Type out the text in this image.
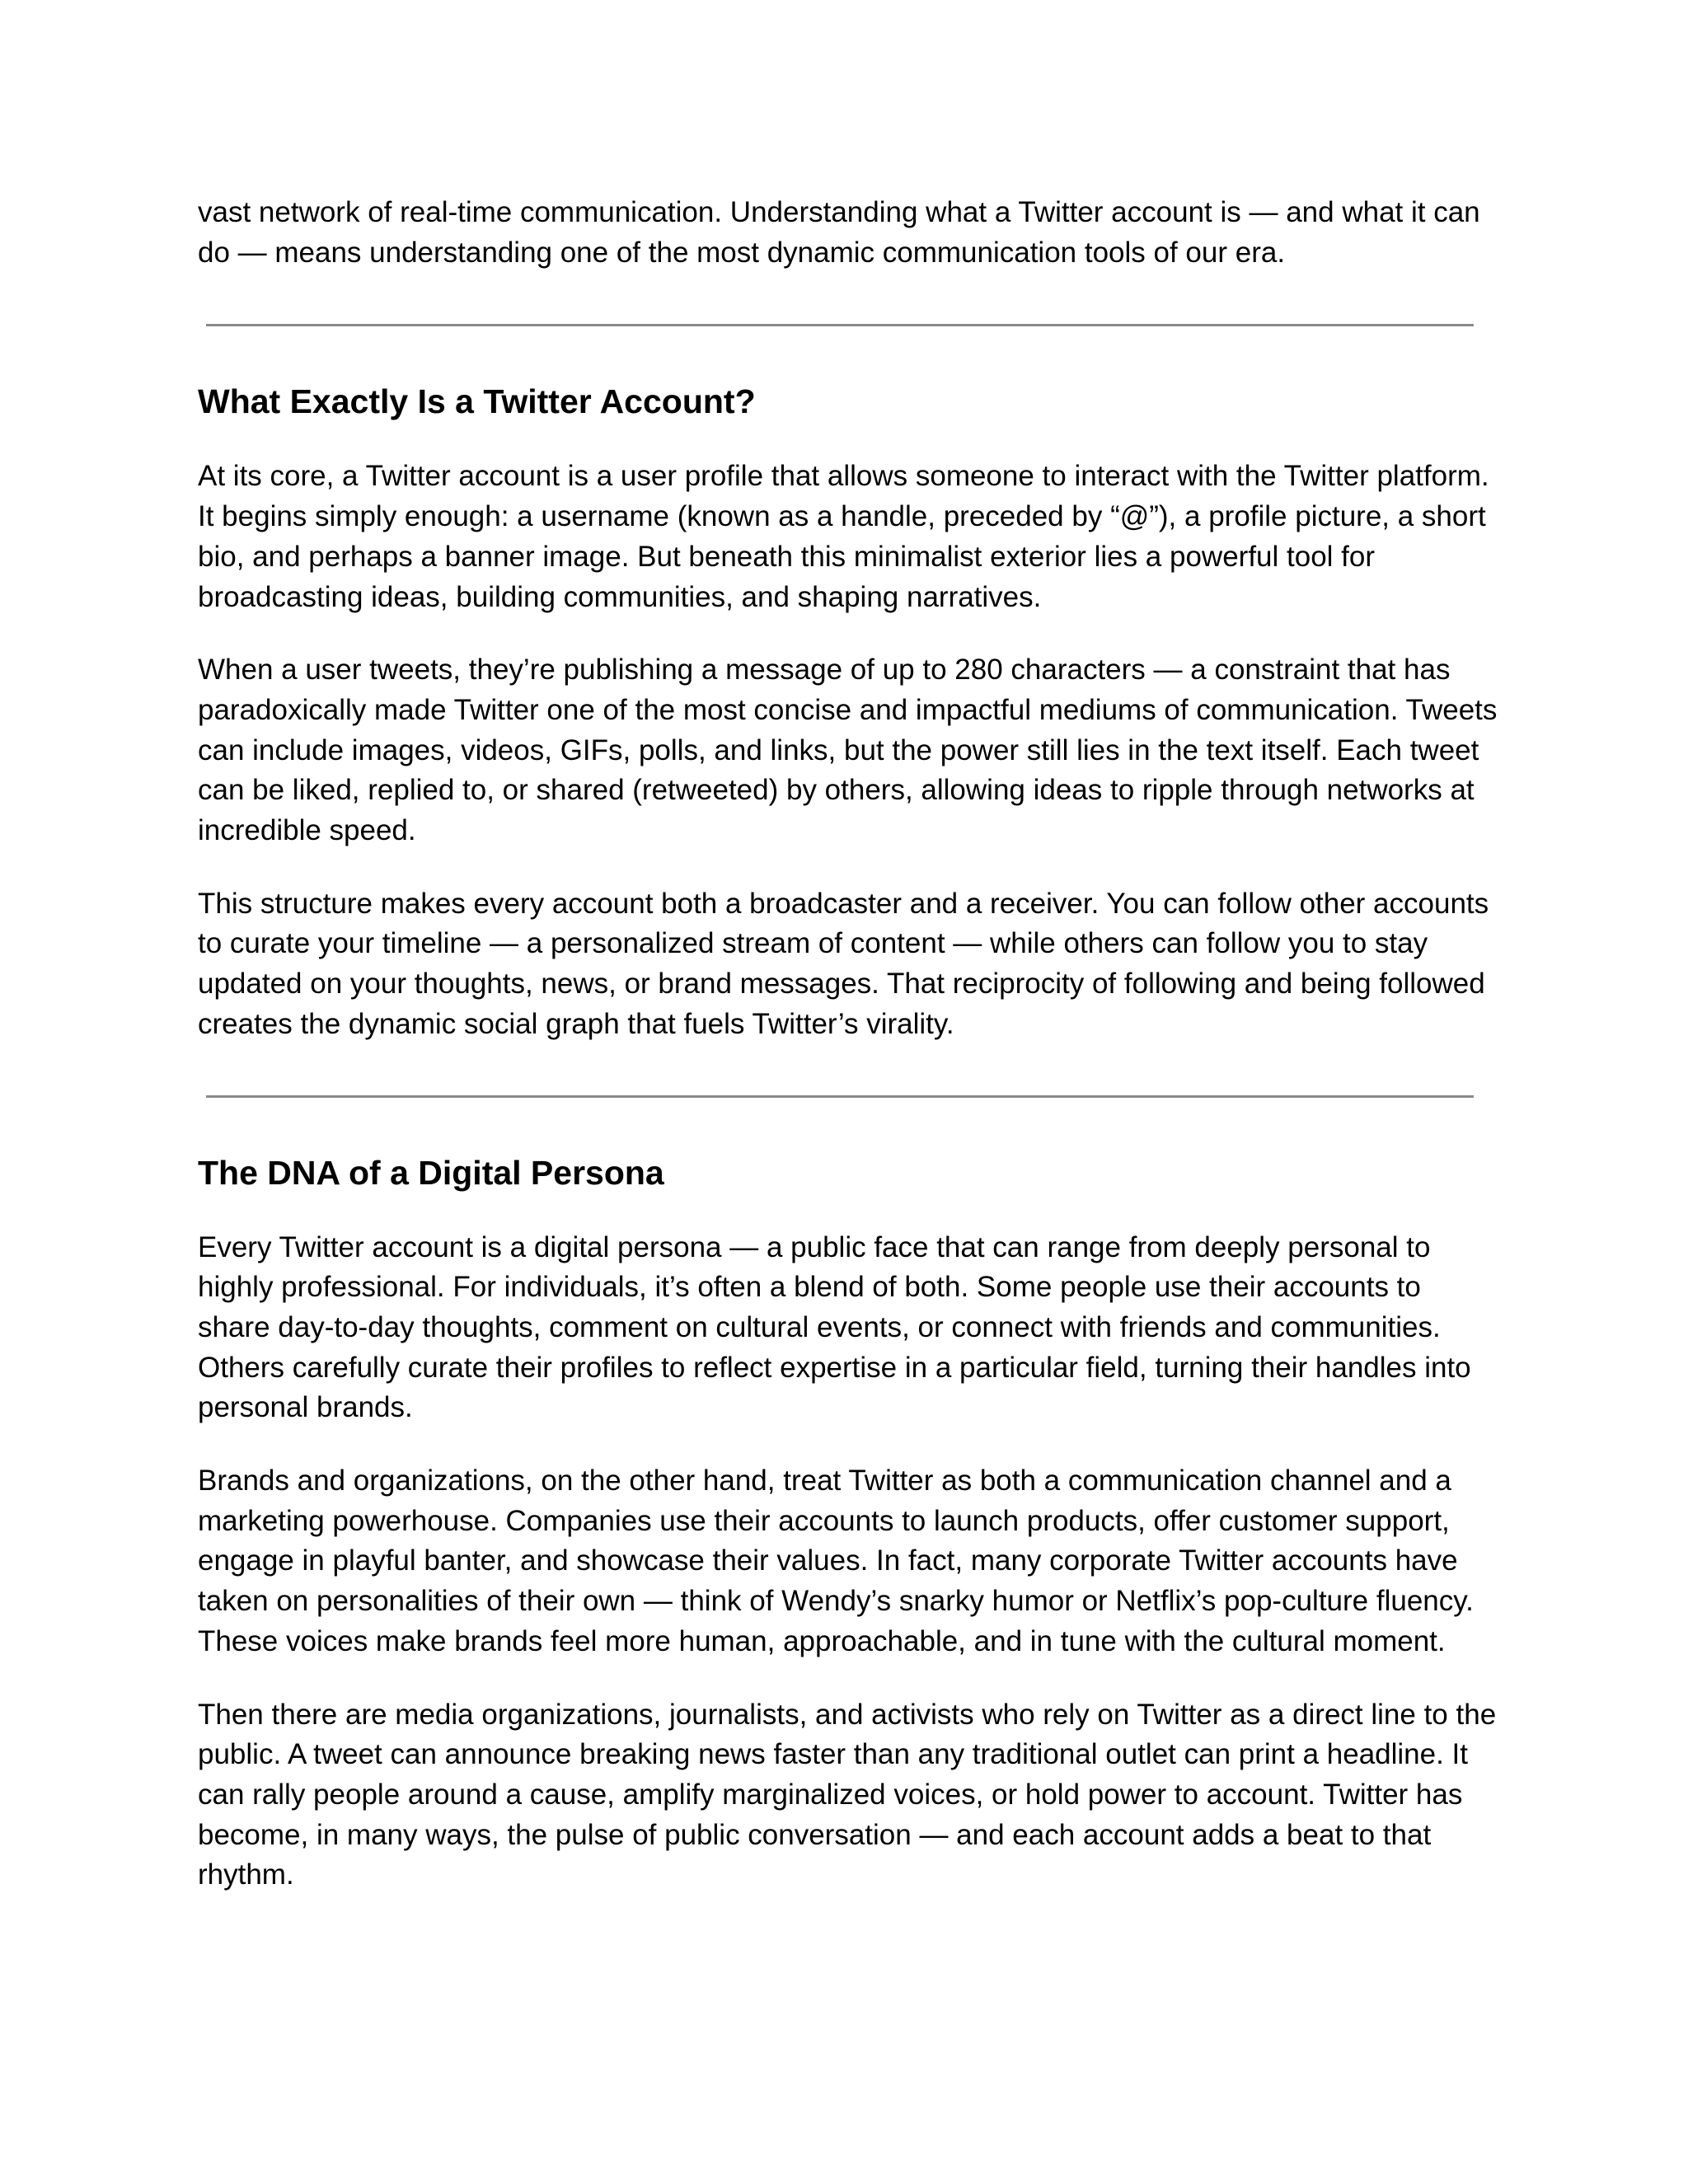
vast network of real-time communication. Understanding what a Twitter account is — and what it can do — means understanding one of the most dynamic communication tools of our era.

What Exactly Is a Twitter Account?

At its core, a Twitter account is a user profile that allows someone to interact with the Twitter platform. It begins simply enough: a username (known as a handle, preceded by “@”), a profile picture, a short bio, and perhaps a banner image. But beneath this minimalist exterior lies a powerful tool for broadcasting ideas, building communities, and shaping narratives.

When a user tweets, they’re publishing a message of up to 280 characters — a constraint that has paradoxically made Twitter one of the most concise and impactful mediums of communication. Tweets can include images, videos, GIFs, polls, and links, but the power still lies in the text itself. Each tweet can be liked, replied to, or shared (retweeted) by others, allowing ideas to ripple through networks at incredible speed.

This structure makes every account both a broadcaster and a receiver. You can follow other accounts to curate your timeline — a personalized stream of content — while others can follow you to stay updated on your thoughts, news, or brand messages. That reciprocity of following and being followed creates the dynamic social graph that fuels Twitter’s virality.

The DNA of a Digital Persona

Every Twitter account is a digital persona — a public face that can range from deeply personal to highly professional. For individuals, it’s often a blend of both. Some people use their accounts to share day-to-day thoughts, comment on cultural events, or connect with friends and communities. Others carefully curate their profiles to reflect expertise in a particular field, turning their handles into personal brands.

Brands and organizations, on the other hand, treat Twitter as both a communication channel and a marketing powerhouse. Companies use their accounts to launch products, offer customer support, engage in playful banter, and showcase their values. In fact, many corporate Twitter accounts have taken on personalities of their own — think of Wendy’s snarky humor or Netflix’s pop-culture fluency. These voices make brands feel more human, approachable, and in tune with the cultural moment.

Then there are media organizations, journalists, and activists who rely on Twitter as a direct line to the public. A tweet can announce breaking news faster than any traditional outlet can print a headline. It can rally people around a cause, amplify marginalized voices, or hold power to account. Twitter has become, in many ways, the pulse of public conversation — and each account adds a beat to that rhythm.
